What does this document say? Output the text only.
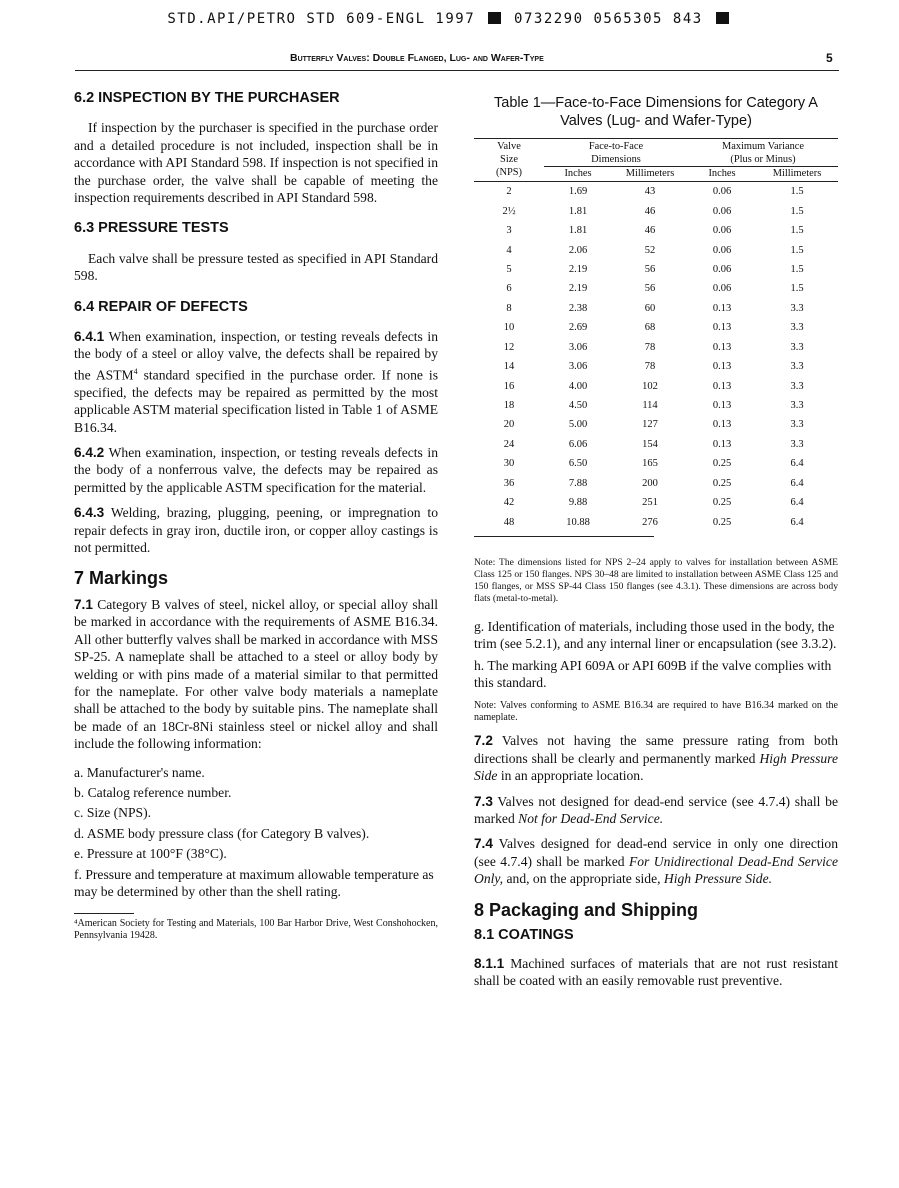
STD.API/PETRO STD 609-ENGL 1997	0732290 0565305 843
Butterfly Valves: Double Flanged, Lug- and Wafer-Type	5
6.2 INSPECTION BY THE PURCHASER

If inspection by the purchaser is specified in the purchase order and a detailed procedure is not included, inspection shall be in accordance with API Standard 598. If inspection is not specified in the purchase order, the valve shall be capable of meeting the inspection requirements described in API Standard 598.

6.3 PRESSURE TESTS

Each valve shall be pressure tested as specified in API Standard 598.

6.4 REPAIR OF DEFECTS

6.4.1 When examination, inspection, or testing reveals defects in the body of a steel or alloy valve, the defects shall be repaired by the ASTM$^4$ standard specified in the purchase order. If none is specified, the defects may be repaired as permitted by the most applicable ASTM material specification listed in Table 1 of ASME B16.34.

6.4.2 When examination, inspection, or testing reveals defects in the body of a nonferrous valve, the defects may be repaired as permitted by the applicable ASTM specification for the material.

6.4.3 Welding, brazing, plugging, peening, or impregnation to repair defects in gray iron, ductile iron, or copper alloy castings is not permitted.

7 Markings

7.1 Category B valves of steel, nickel alloy, or special alloy shall be marked in accordance with the requirements of ASME B16.34. All other butterfly valves shall be marked in accordance with MSS SP-25. A nameplate shall be attached to a steel or alloy body by welding or with pins made of a material similar to that permitted for the nameplate. For other valve body materials a nameplate shall be attached to the body by suitable pins. The nameplate shall be made of an 18Cr-8Ni stainless steel or nickel alloy and shall include the following information:

a. Manufacturer's name.

b. Catalog reference number.

c. Size (NPS).

d. ASME body pressure class (for Category B valves).

e. Pressure at 100°F (38°C).

f. Pressure and temperature at maximum allowable temperature as may be determined by other than the shell rating.

⁴American Society for Testing and Materials, 100 Bar Harbor Drive, West Conshohocken, Pennsylvania 19428.

Table 1—Face-to-Face Dimensions for Category A
Valves (Lug- and Wafer-Type)
Valve	Face-to-Face		Maximum Variance	
Size	Dimensions		(Plus or Minus)	
(NPS)	Inches	Millimeters	Inches	Millimeters
2	1.69	43	0.06	1.5
2½	1.81	46	0.06	1.5
3	1.81	46	0.06	1.5
4	2.06	52	0.06	1.5
5	2.19	56	0.06	1.5
6	2.19	56	0.06	1.5
8	2.38	60	0.13	3.3
10	2.69	68	0.13	3.3
12	3.06	78	0.13	3.3
14	3.06	78	0.13	3.3
16	4.00	102	0.13	3.3
18	4.50	114	0.13	3.3
20	5.00	127	0.13	3.3
24	6.06	154	0.13	3.3
30	6.50	165	0.25	6.4
36	7.88	200	0.25	6.4
42	9.88	251	0.25	6.4
48	10.88	276	0.25	6.4

Note: The dimensions listed for NPS 2–24 apply to valves for installation between ASME Class 125 or 150 flanges. NPS 30–48 are limited to installation between ASME Class 125 and 150 flanges, or MSS SP-44 Class 150 flanges (see 4.3.1). These dimensions are across body flats (metal-to-metal).

g. Identification of materials, including those used in the body, the trim (see 5.2.1), and any internal liner or encapsulation (see 3.3.2).

h. The marking API 609A or API 609B if the valve complies with this standard.

Note: Valves conforming to ASME B16.34 are required to have B16.34 marked on the nameplate.

7.2 Valves not having the same pressure rating from both directions shall be clearly and permanently marked High Pressure Side in an appropriate location.

7.3 Valves not designed for dead-end service (see 4.7.4) shall be marked Not for Dead-End Service.

7.4 Valves designed for dead-end service in only one direction (see 4.7.4) shall be marked For Unidirectional Dead-End Service Only, and, on the appropriate side, High Pressure Side.

8 Packaging and Shipping
8.1 COATINGS

8.1.1 Machined surfaces of materials that are not rust resistant shall be coated with an easily removable rust preventive.
